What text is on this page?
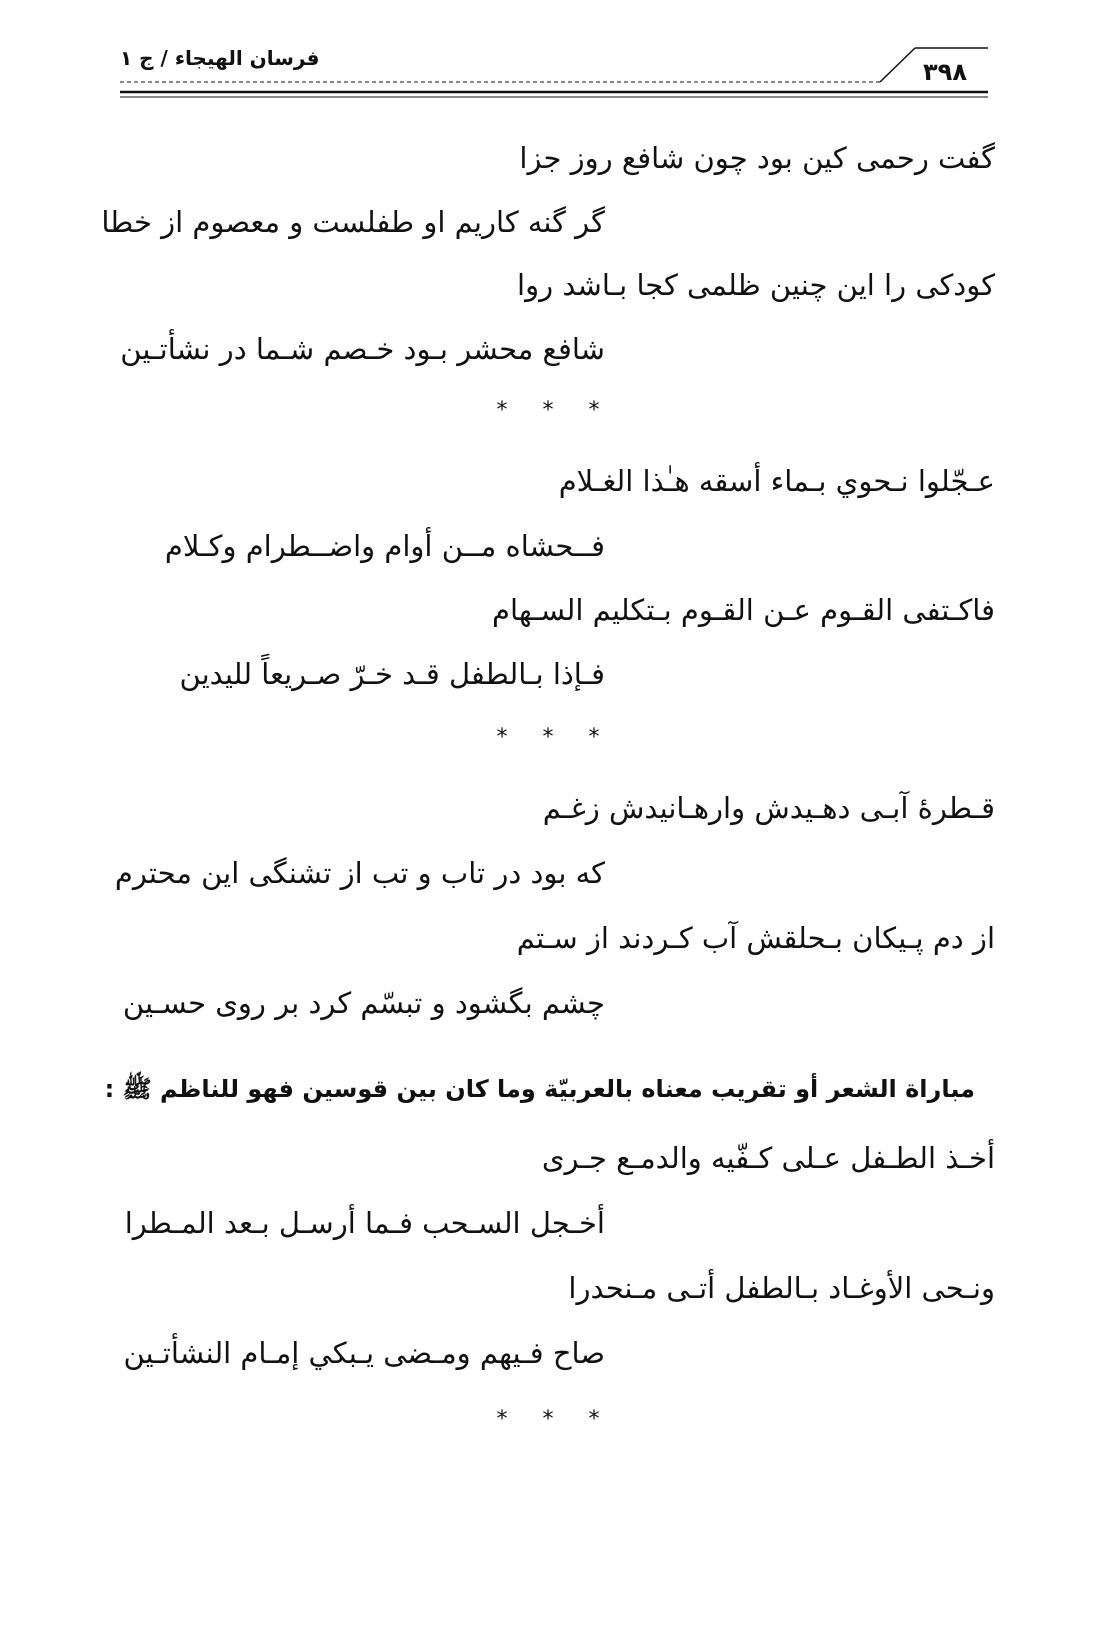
فرسان الهيجاء / ج ١	٣٩٨
گفت رحمی کین بود چون شافع روز جزا
گر گنه کاریم او طفلست و معصوم از خطا
کودکی را این چنین ظلمی کجا بـاشد روا
شافع محشر بـود خـصم شـما در نشأتـین
* * *
عـجّلوا نـحوي بـماء أسقه هـٰذا الغـلام
فــحشاه مــن أوام واضــطرام وكـلام
فاكـتفى القـوم عـن القـوم بـتكليم السـهام
فـإذا بـالطفل قـد خـرّ صـريعاً لليدين
* * *
قـطرۀ آبـی دهـیدش وارهـانیدش زغـم
که بود در تاب و تب از تشنگی این محترم
از دم پـیکان بـحلقش آب کـردند از سـتم
چشم بگشود و تبسّم کرد بر روی حسـین
مباراة الشعر أو تقريب معناه بالعربيّة وما كان بين قوسين فهو للناظم ﷺ :
أخـذ الطـفل عـلى كـفّيه والدمـع جـرى
أخـجل السـحب فـما أرسـل بـعد المـطرا
ونـحى الأوغـاد بـالطفل أتـى مـنحدرا
صاح فـيهم ومـضى يـبكي إمـام النشأتـين
* * *
